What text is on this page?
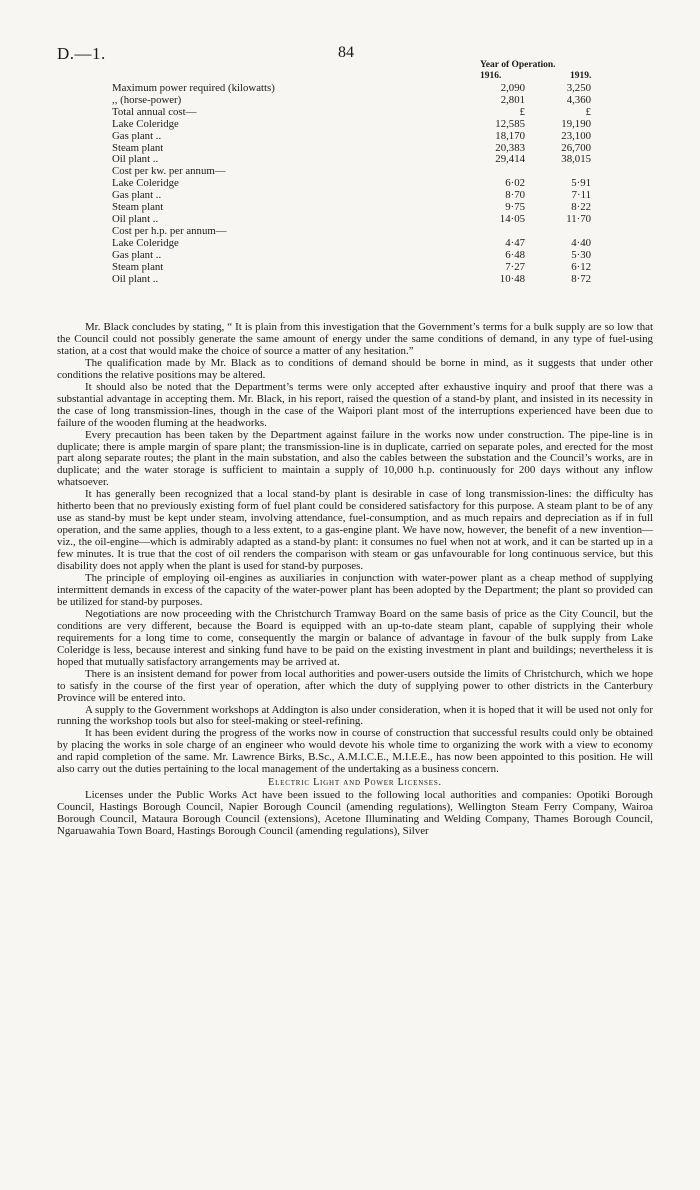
D.—1.	84
Year of Operation.
1916.	1919.
Maximum power required (kilowatts)	2,090	3,250
,, (horse-power)	2,801	4,360
Total annual cost—	£	£
Lake Coleridge	12,585	19,190
Gas plant ..	18,170	23,100
Steam plant	20,383	26,700
Oil plant ..	29,414	38,015
Cost per kw. per annum—		
Lake Coleridge	6·02	5·91
Gas plant ..	8·70	7·11
Steam plant	9·75	8·22
Oil plant ..	14·05	11·70
Cost per h.p. per annum—		
Lake Coleridge	4·47	4·40
Gas plant ..	6·48	5·30
Steam plant	7·27	6·12
Oil plant ..	10·48	8·72

Mr. Black concludes by stating, “ It is plain from this investigation that the Government’s terms for a bulk supply are so low that the Council could not possibly generate the same amount of energy under the same conditions of demand, in any type of fuel-using station, at a cost that would make the choice of source a matter of any hesitation.”

The qualification made by Mr. Black as to conditions of demand should be borne in mind, as it suggests that under other conditions the relative positions may be altered.

It should also be noted that the Department’s terms were only accepted after exhaustive inquiry and proof that there was a substantial advantage in accepting them. Mr. Black, in his report, raised the question of a stand-by plant, and insisted in its necessity in the case of long transmission-lines, though in the case of the Waipori plant most of the interruptions experienced have been due to failure of the wooden fluming at the headworks.

Every precaution has been taken by the Department against failure in the works now under construction. The pipe-line is in duplicate; there is ample margin of spare plant; the transmission-line is in duplicate, carried on separate poles, and erected for the most part along separate routes; the plant in the main substation, and also the cables between the substation and the Council’s works, are in duplicate; and the water storage is sufficient to maintain a supply of 10,000 h.p. continuously for 200 days without any inflow whatsoever.

It has generally been recognized that a local stand-by plant is desirable in case of long transmission-lines: the difficulty has hitherto been that no previously existing form of fuel plant could be considered satisfactory for this purpose. A steam plant to be of any use as stand-by must be kept under steam, involving attendance, fuel-consumption, and as much repairs and depreciation as if in full operation, and the same applies, though to a less extent, to a gas-engine plant. We have now, however, the benefit of a new invention—viz., the oil-engine—which is admirably adapted as a stand-by plant: it consumes no fuel when not at work, and it can be started up in a few minutes. It is true that the cost of oil renders the comparison with steam or gas unfavourable for long continuous service, but this disability does not apply when the plant is used for stand-by purposes.

The principle of employing oil-engines as auxiliaries in conjunction with water-power plant as a cheap method of supplying intermittent demands in excess of the capacity of the water-power plant has been adopted by the Department; the plant so provided can be utilized for stand-by purposes.

Negotiations are now proceeding with the Christchurch Tramway Board on the same basis of price as the City Council, but the conditions are very different, because the Board is equipped with an up-to-date steam plant, capable of supplying their whole requirements for a long time to come, consequently the margin or balance of advantage in favour of the bulk supply from Lake Coleridge is less, because interest and sinking fund have to be paid on the existing investment in plant and buildings; nevertheless it is hoped that mutually satisfactory arrangements may be arrived at.

There is an insistent demand for power from local authorities and power-users outside the limits of Christchurch, which we hope to satisfy in the course of the first year of operation, after which the duty of supplying power to other districts in the Canterbury Province will be entered into.

A supply to the Government workshops at Addington is also under consideration, when it is hoped that it will be used not only for running the workshop tools but also for steel-making or steel-refining.

It has been evident during the progress of the works now in course of construction that successful results could only be obtained by placing the works in sole charge of an engineer who would devote his whole time to organizing the work with a view to economy and rapid completion of the same. Mr. Lawrence Birks, B.Sc., A.M.I.C.E., M.I.E.E., has now been appointed to this position. He will also carry out the duties pertaining to the local management of the undertaking as a business concern.

Electric Light and Power Licenses.

Licenses under the Public Works Act have been issued to the following local authorities and companies: Opotiki Borough Council, Hastings Borough Council, Napier Borough Council (amending regulations), Wellington Steam Ferry Company, Wairoa Borough Council, Mataura Borough Council (extensions), Acetone Illuminating and Welding Company, Thames Borough Council, Ngaruawahia Town Board, Hastings Borough Council (amending regulations), Silver
